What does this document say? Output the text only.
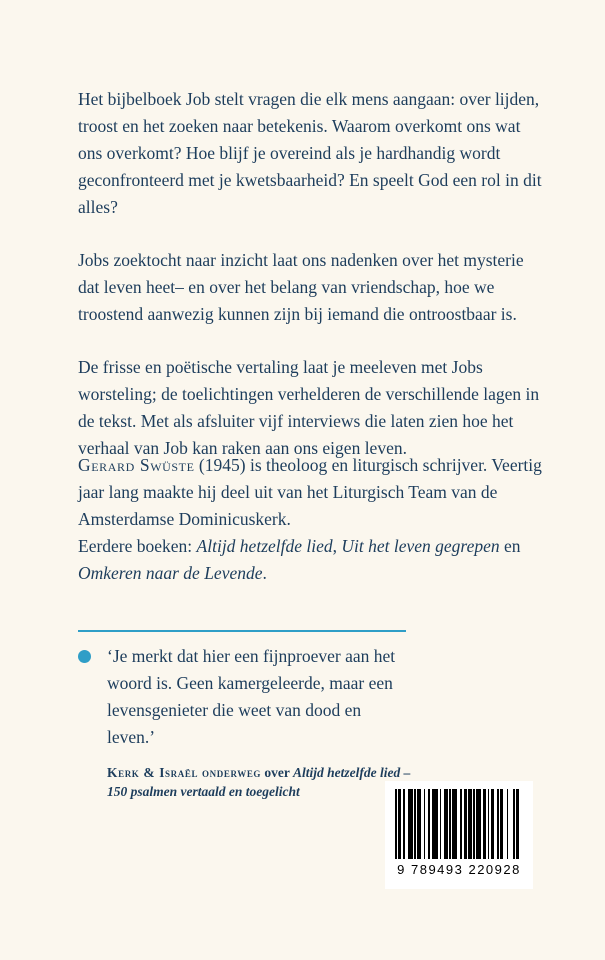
Het bijbelboek Job stelt vragen die elk mens aangaan: over lijden, troost en het zoeken naar betekenis. Waarom overkomt ons wat ons overkomt? Hoe blijf je overeind als je hardhandig wordt geconfronteerd met je kwetsbaarheid? En speelt God een rol in dit alles?

Jobs zoektocht naar inzicht laat ons nadenken over het mysterie dat leven heet– en over het belang van vriendschap, hoe we troostend aanwezig kunnen zijn bij iemand die ontroostbaar is.

De frisse en poëtische vertaling laat je meeleven met Jobs worsteling; de toelichtingen verhelderen de verschillende lagen in de tekst. Met als afsluiter vijf interviews die laten zien hoe het verhaal van Job kan raken aan ons eigen leven.

Gerard Swüste (1945) is theoloog en liturgisch schrijver. Veertig jaar lang maakte hij deel uit van het Liturgisch Team van de Amsterdamse Dominicuskerk.

Eerdere boeken: Altijd hetzelfde lied, Uit het leven gegrepen en Omkeren naar de Levende.

‘Je merkt dat hier een fijnproever aan het woord is. Geen kamergeleerde, maar een levensgenieter die weet van dood en leven.’

Kerk & Israël onderweg over Altijd hetzelfde lied – 150 psalmen vertaald en toegelicht

9 789493 220928
